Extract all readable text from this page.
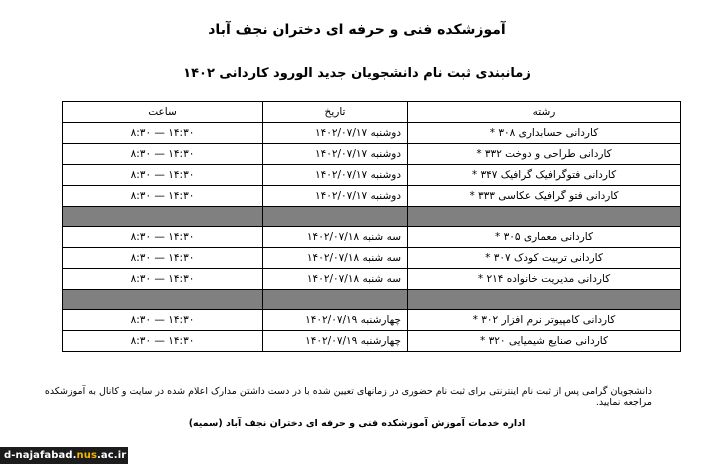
آموزشکده فنی و حرفه ای دختران نجف آباد
زمانبندی ثبت نام دانشجویان جدید الورود کاردانی ۱۴۰۲
رشته	تاریخ	ساعت
کاردانی حسابداری ۳۰۸ *	دوشنبه ۱۴۰۲/۰۷/۱۷	۸:۳۰ — ۱۴:۳۰
کاردانی طراحی و دوخت ۳۳۲ *	دوشنبه ۱۴۰۲/۰۷/۱۷	۸:۳۰ — ۱۴:۳۰
کاردانی فتوگرافیک گرافیک ۳۴۷ *	دوشنبه ۱۴۰۲/۰۷/۱۷	۸:۳۰ — ۱۴:۳۰
کاردانی فتو گرافیک عکاسی ۳۳۳ *	دوشنبه ۱۴۰۲/۰۷/۱۷	۸:۳۰ — ۱۴:۳۰

کاردانی معماری ۳۰۵ *	سه شنبه ۱۴۰۲/۰۷/۱۸	۸:۳۰ — ۱۴:۳۰
کاردانی تربیت کودک ۳۰۷ *	سه شنبه ۱۴۰۲/۰۷/۱۸	۸:۳۰ — ۱۴:۳۰
کاردانی مدیریت خانواده ۲۱۴ *	سه شنبه ۱۴۰۲/۰۷/۱۸	۸:۳۰ — ۱۴:۳۰

کاردانی کامپیوتر نرم افزار ۳۰۲ *	چهارشنبه ۱۴۰۲/۰۷/۱۹	۸:۳۰ — ۱۴:۳۰
کاردانی صنایع شیمیایی ۳۲۰ *	چهارشنبه ۱۴۰۲/۰۷/۱۹	۸:۳۰ — ۱۴:۳۰
دانشجویان گرامی پس از ثبت نام اینترنتی برای ثبت نام حضوری در زمانهای تعیین شده با در دست داشتن مدارک اعلام شده در سایت و کانال به آموزشکده مراجعه نمایید.
اداره خدمات آموزش آموزشکده فنی و حرفه ای دختران نجف آباد (سمیه)
d-najafabad.nus.ac.ir
